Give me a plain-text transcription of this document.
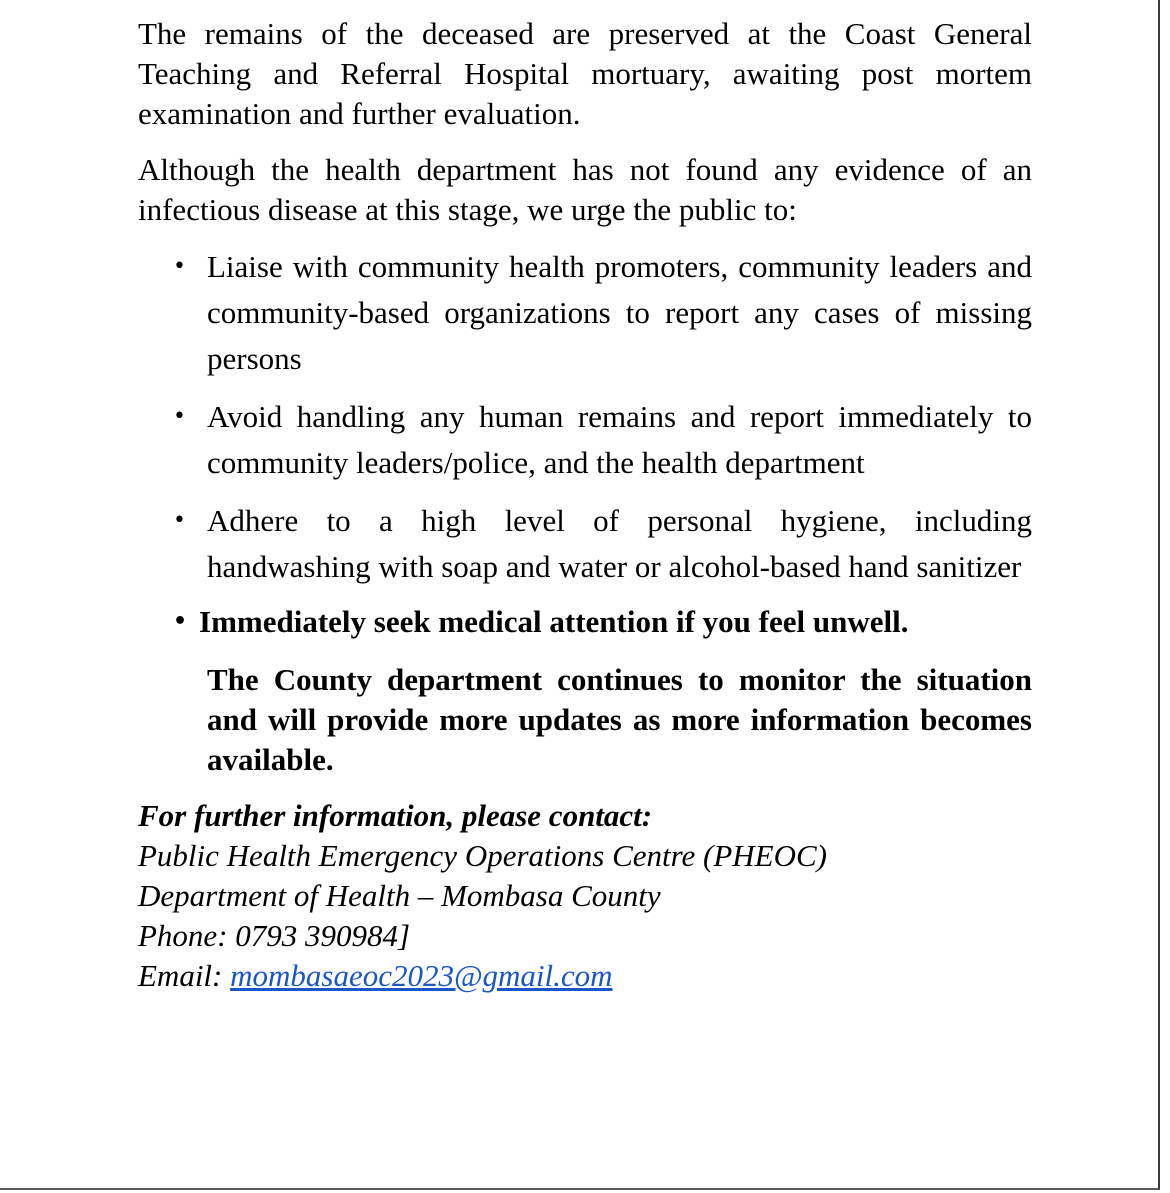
The remains of the deceased are preserved at the Coast General Teaching and Referral Hospital mortuary, awaiting post mortem examination and further evaluation.

Although the health department has not found any evidence of an infectious disease at this stage, we urge the public to:

• Liaise with community health promoters, community leaders and community-based organizations to report any cases of missing persons
• Avoid handling any human remains and report immediately to community leaders/police, and the health department
• Adhere to a high level of personal hygiene, including handwashing with soap and water or alcohol-based hand sanitizer
• Immediately seek medical attention if you feel unwell.

The County department continues to monitor the situation and will provide more updates as more information becomes available.

For further information, please contact:
Public Health Emergency Operations Centre (PHEOC)
Department of Health – Mombasa County
Phone: 0793 390984]
Email: mombasaeoc2023@gmail.com
